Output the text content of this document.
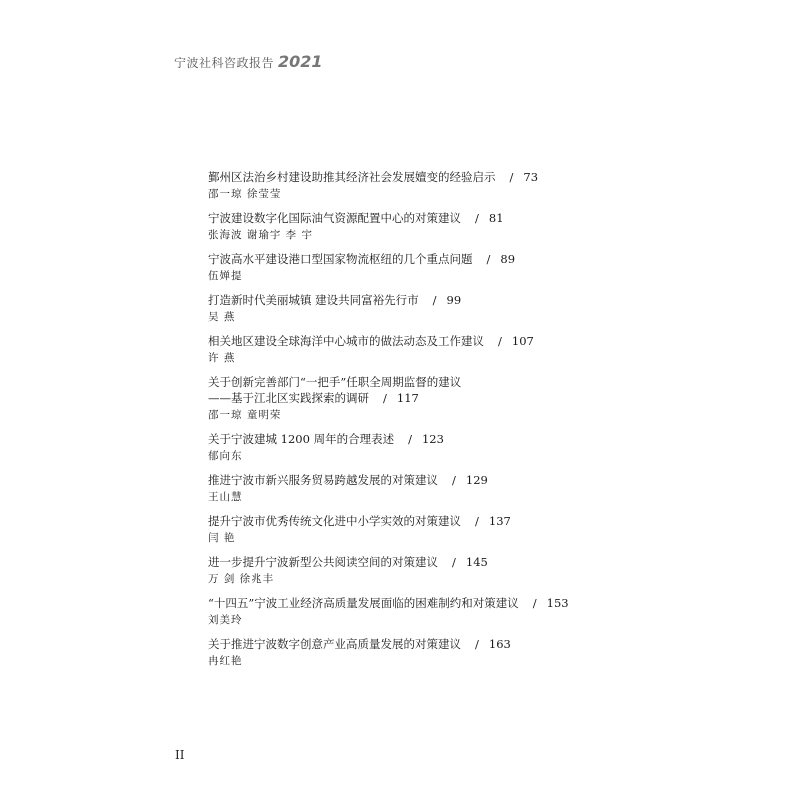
宁波社科咨政报告 2021
鄞州区法治乡村建设助推其经济社会发展嬗变的经验启示 / 73
邵一琼 徐莹莹
宁波建设数字化国际油气资源配置中心的对策建议 / 81
张海波 谢瑜宇 李 宇
宁波高水平建设港口型国家物流枢纽的几个重点问题 / 89
伍婵提
打造新时代美丽城镇 建设共同富裕先行市 / 99
吴 燕
相关地区建设全球海洋中心城市的做法动态及工作建议 / 107
许 燕
关于创新完善部门“一把手”任职全周期监督的建议
——基于江北区实践探索的调研 / 117
邵一琼 童明荣
关于宁波建城 1200 周年的合理表述 / 123
郁向东
推进宁波市新兴服务贸易跨越发展的对策建议 / 129
王山慧
提升宁波市优秀传统文化进中小学实效的对策建议 / 137
闫 艳
进一步提升宁波新型公共阅读空间的对策建议 / 145
万 剑 徐兆丰
“十四五”宁波工业经济高质量发展面临的困难制约和对策建议 / 153
刘美玲
关于推进宁波数字创意产业高质量发展的对策建议 / 163
冉红艳
II
